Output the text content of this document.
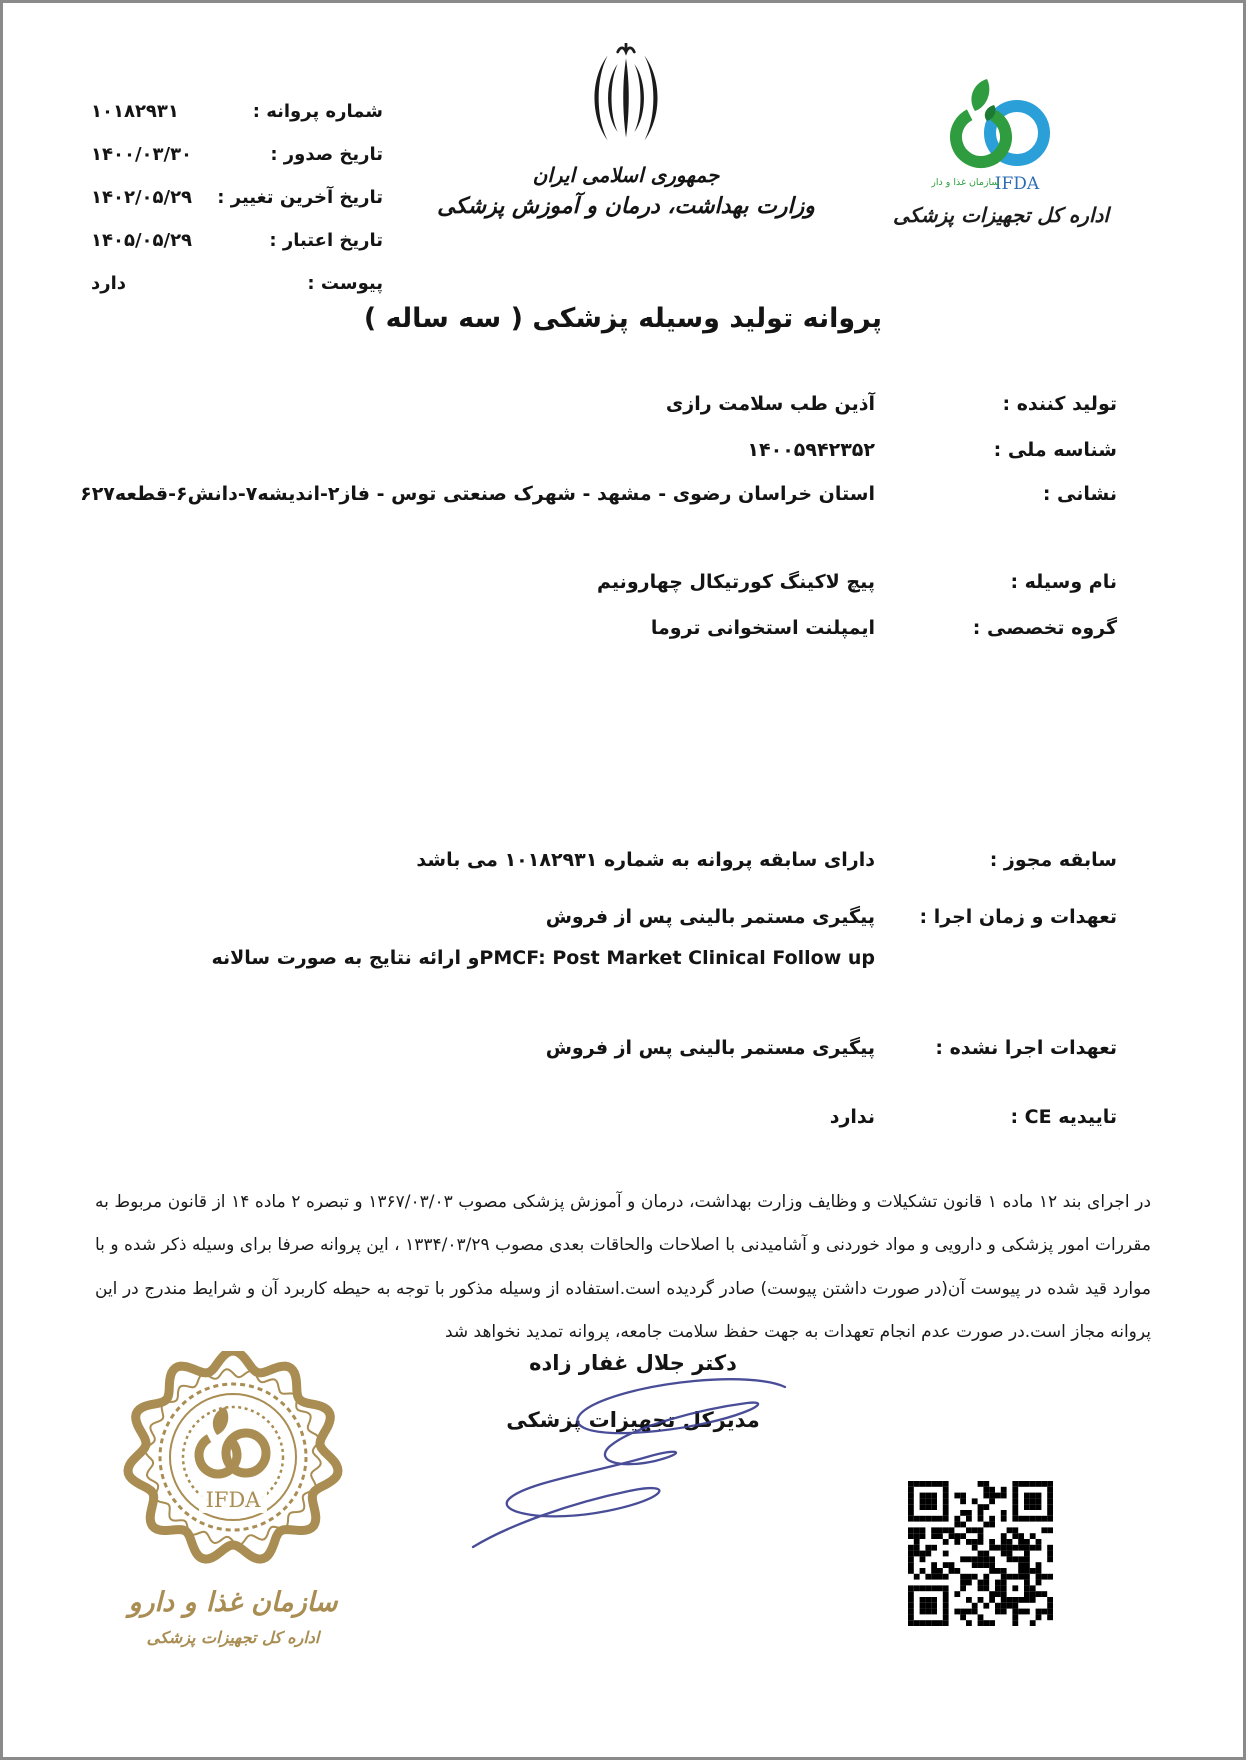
شماره پروانه :
۱۰۱۸۲۹۳۱
تاریخ صدور :
۱۴۰۰/۰۳/۳۰
تاریخ آخرین تغییر :
۱۴۰۲/۰۵/۲۹
تاریخ اعتبار :
۱۴۰۵/۰۵/۲۹
پیوست :
دارد
جمهوری اسلامی ایران
وزارت بهداشت، درمان و آموزش پزشکی
IFDA
سازمان غذا و دارو
اداره کل تجهیزات پزشکی
پروانه تولید وسیله پزشکی ( سه ساله )
تولید کننده :
آذین طب سلامت رازی
شناسه ملی :
۱۴۰۰۵۹۴۲۳۵۲
نشانی :
استان خراسان رضوی - مشهد - شهرک صنعتی توس - فاز۲-اندیشه۷-دانش۶-قطعه۶۲۷
نام وسیله :
پیچ لاکینگ کورتیکال چهارونیم
گروه تخصصی :
ایمپلنت استخوانی تروما
سابقه مجوز :
دارای سابقه پروانه به شماره ۱۰۱۸۲۹۳۱ می باشد
تعهدات و زمان اجرا :
پیگیری مستمر بالینی پس از فروش
PMCF: Post Market Clinical Follow upو ارائه نتایج به صورت سالانه
تعهدات اجرا نشده :
پیگیری مستمر بالینی پس از فروش
تاییدیه CE :
ندارد
در اجرای بند ۱۲ ماده ۱ قانون تشکیلات و وظایف وزارت بهداشت، درمان و آموزش پزشکی مصوب ۱۳۶۷/۰۳/۰۳ و تبصره ۲ ماده ۱۴ از قانون مربوط به مقررات امور پزشکی و دارویی و مواد خوردنی و آشامیدنی با اصلاحات والحاقات بعدی مصوب ۱۳۳۴/۰۳/۲۹ ، این پروانه صرفا برای وسیله ذکر شده و با موارد قید شده در پیوست آن(در صورت داشتن پیوست) صادر گردیده است.استفاده از وسیله مذکور با توجه به حیطه کاربرد آن و شرایط مندرج در این پروانه مجاز است.در صورت عدم انجام تعهدات به جهت حفظ سلامت جامعه، پروانه تمدید نخواهد شد
دکتر جلال غفار زاده
مدیرکل تجهیزات پزشکی
IFDA
سازمان غذا و دارو
اداره کل تجهیزات پزشکی
